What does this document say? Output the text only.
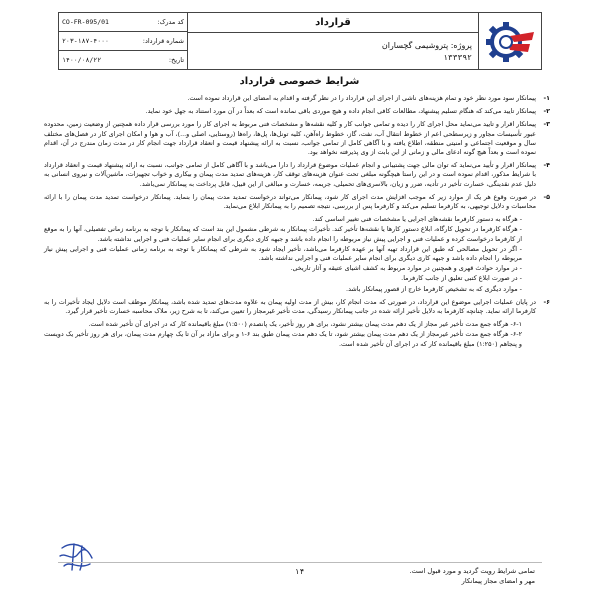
کد مدرک:
CO-FR-095/01
شماره قرارداد:
۲۰۳-۱۸۷-۴۰۰۰
تاریخ:
۱۴۰۰/۰۸/۲۲
قرارداد
پروژه: پتروشیمی گچساران
۱۳۳۳۹۲
شرایط خصوصی قرارداد
۱-
پیمانکار سود مورد نظر خود و تمام هزینه‌های ناشی از اجرای این قرارداد را در نظر گرفته و اقدام به امضای این قرارداد نموده است.
۲-
پیمانکار تایید می‌کند که هنگام تسلیم پیشنهاد، مطالعات کافی انجام داده و هیچ موردی باقی نمانده است که بعداً در آن مورد استناد به جهل خود نماید.
۳-
پیمانکار اقرار و تایید می‌نماید محل اجرای کار را دیده و تمامی جوانب کار و کلیه نقشه‌ها و مشخصات فنی مربوط به اجرای کار را مورد بررسی قرار داده همچنین از وضعیت زمین، محدوده عبور تأسیسات مجاور و زیرسطحی اعم از خطوط انتقال آب، نفت، گاز، خطوط راه‌آهن، کلیه تونل‌ها، پل‌ها، راه‌ها (روستایی، اصلی و...)، آب و هوا و امکان اجرای کار در فصل‌های مختلف سال و موقعیت اجتماعی و امنیتی منطقه، اطلاع یافته و با آگاهی کامل از تمامی جوانب، نسبت به ارائه پیشنهاد قیمت و انعقاد قرارداد جهت انجام کار در مدت زمان مندرج در آن، اقدام نموده است و بعداً هیچ گونه ادعای مالی و زمانی از این بابت از وی پذیرفته نخواهد بود.
۴-
پیمانکار اقرار و تأیید می‌نماید که توان مالی جهت پشتیبانی و انجام عملیات موضوع قرارداد را دارا می‌باشد و با آگاهی کامل از تمامی جوانب، نسبت به ارائه پیشنهاد قیمت و انعقاد قرارداد با شرایط مذکور، اقدام نموده است و در این راستا هیچگونه مبلغی تحت عنوان هزینه‌های توقف کار، هزینه‌های تمدید مدت پیمان و بیکاری و خواب تجهیزات، ماشین‌آلات و نیروی انسانی به دلیل عدم نقدینگی، خسارت تأخیر در تأدیه، ضرر و زیان، بالاسری‌های تحمیلی، جریمه، خسارت و مبالغی از این قبیل، قابل پرداخت به پیمانکار نمی‌باشد.
۵-
در صورت وقوع هر یک از موارد زیر که موجب افزایش مدت اجرای کار شود، پیمانکار می‌تواند درخواست تمدید مدت پیمان را بنماید. پیمانکار درخواست تمدید مدت پیمان را با ارائه محاسبات و دلایل توجیهی، به کارفرما تسلیم می‌کند و کارفرما پس از بررسی، نتیجه تصمیم را به پیمانکار ابلاغ می‌نماید.
- هرگاه به دستور کارفرما نقشه‌های اجرایی یا مشخصات فنی تغییر اساسی کند.
- هرگاه کارفرما در تحویل کارگاه، ابلاغ دستور کارها یا نقشه‌ها تأخیر کند. تأخیرات پیمانکار به شرطی مشمول این بند است که پیمانکار با توجه به برنامه زمانی تفصیلی، آنها را به موقع از کارفرما درخواست کرده و عملیات فنی و اجرایی پیش نیاز مربوطه را انجام داده باشد و جبهه کاری دیگری برای انجام سایر عملیات فنی و اجرایی نداشته باشد.
- اگر در تحویل مصالحی که طبق این قرارداد تهیه آنها بر عهده کارفرما می‌باشد، تأخیر ایجاد شود به شرطی که پیمانکار با توجه به برنامه زمانی عملیات فنی و اجرایی پیش نیاز مربوطه را انجام داده باشد و جبهه کاری دیگری برای انجام سایر عملیات فنی و اجرایی نداشته باشد.
- در موارد حوادث قهری و همچنین در موارد مربوط به کشف اشیای عتیقه و آثار تاریخی.
- در صورت ابلاغ کتبی تعلیق از جانب کارفرما.
- موارد دیگری که به تشخیص کارفرما خارج از قصور پیمانکار باشد.
۶-
در پایان عملیات اجرایی موضوع این قرارداد، در صورتی که مدت انجام کار، بیش از مدت اولیه پیمان به علاوه مدت‌های تمدید شده باشد، پیمانکار موظف است دلایل ایجاد تأخیرات را به کارفرما ارائه نماید. چنانچه کارفرما به دلایل تأخیر ارائه شده در جانب پیمانکار رسیدگی، مدت تأخیر غیرمجاز را تعیین می‌کند، تا به شرح زیر، ملاک محاسبه خسارت تأخیر قرار گیرد.
۶-۱- هرگاه جمع مدت تأخیر غیر مجاز از یک دهم مدت پیمان بیشتر نشود، برای هر روز تأخیر، یک پانصدم (۱:۵۰۰) مبلغ باقیمانده کار که در اجرای آن تأخیر شده است.
۶-۲- هرگاه جمع مدت تأخیر غیرمجاز از یک دهم مدت پیمان بیشتر شود، تا یک دهم مدت پیمان طبق بند ۶-۱ و برای مازاد بر آن تا یک چهارم مدت پیمان، برای هر روز تأخیر یک دویست و پنجاهم (۱:۲۵۰) مبلغ باقیمانده کار که در اجرای آن تأخیر شده است.
۱۴	تمامی شرایط رویت گردید و مورد قبول است.
مهر و امضای مجاز پیمانکار
